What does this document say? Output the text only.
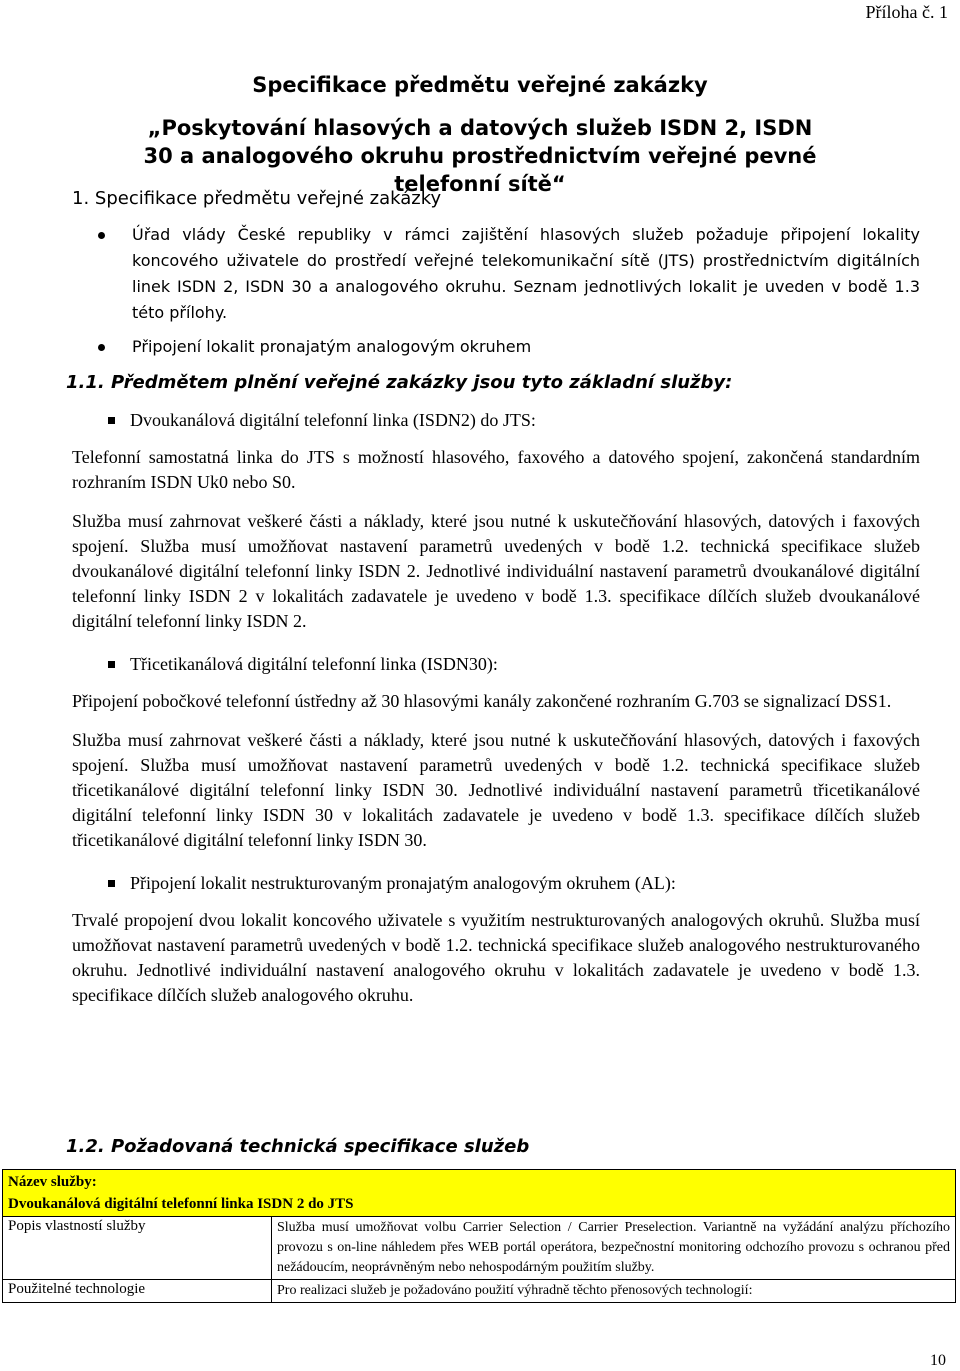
Příloha č. 1
Specifikace předmětu veřejné zakázky
„Poskytování hlasových a datových služeb ISDN 2, ISDN 30 a analogového okruhu prostřednictvím veřejné pevné telefonní sítě“
1. Specifikace předmětu veřejné zakázky
Úřad vlády České republiky v rámci zajištění hlasových služeb požaduje připojení lokality koncového uživatele do prostředí veřejné telekomunikační sítě (JTS) prostřednictvím digitálních linek ISDN 2, ISDN 30 a analogového okruhu. Seznam jednotlivých lokalit je uveden v bodě 1.3 této přílohy.
Připojení lokalit pronajatým analogovým okruhem
1.1. Předmětem plnění veřejné zakázky jsou tyto základní služby:
Dvoukanálová digitální telefonní linka (ISDN2) do JTS:

Telefonní samostatná linka do JTS s možností hlasového, faxového a datového spojení, zakončená standardním rozhraním ISDN Uk0 nebo S0.

Služba musí zahrnovat veškeré části a náklady, které jsou nutné k uskutečňování hlasových, datových i faxových spojení. Služba musí umožňovat nastavení parametrů uvedených v bodě 1.2. technická specifikace služeb dvoukanálové digitální telefonní linky ISDN 2. Jednotlivé individuální nastavení parametrů dvoukanálové digitální telefonní linky ISDN 2 v lokalitách zadavatele je uvedeno v bodě 1.3. specifikace dílčích služeb dvoukanálové digitální telefonní linky ISDN 2.

Třicetikanálová digitální telefonní linka (ISDN30):

Připojení pobočkové telefonní ústředny až 30 hlasovými kanály zakončené rozhraním G.703 se signalizací DSS1.

Služba musí zahrnovat veškeré části a náklady, které jsou nutné k uskutečňování hlasových, datových i faxových spojení. Služba musí umožňovat nastavení parametrů uvedených v bodě 1.2. technická specifikace služeb třicetikanálové digitální telefonní linky ISDN 30. Jednotlivé individuální nastavení parametrů třicetikanálové digitální telefonní linky ISDN 30 v lokalitách zadavatele je uvedeno v bodě 1.3. specifikace dílčích služeb třicetikanálové digitální telefonní linky ISDN 30.

Připojení lokalit nestrukturovaným pronajatým analogovým okruhem (AL):

Trvalé propojení dvou lokalit koncového uživatele s využitím nestrukturovaných analogových okruhů. Služba musí umožňovat nastavení parametrů uvedených v bodě 1.2. technická specifikace služeb analogového nestrukturovaného okruhu. Jednotlivé individuální nastavení analogového okruhu v lokalitách zadavatele je uvedeno v bodě 1.3. specifikace dílčích služeb analogového okruhu.

1.2. Požadovaná technická specifikace služeb
Název služby:
Dvoukanálová digitální telefonní linka ISDN 2 do JTS	

Popis vlastností služby	Služba musí umožňovat volbu Carrier Selection / Carrier Preselection. Variantně na vyžádání analýzu příchozího provozu s on-line náhledem přes WEB portál operátora, bezpečnostní monitoring odchozího provozu s ochranou před nežádoucím, neoprávněným nebo nehospodárným použitím služby.
Použitelné technologie	Pro realizaci služeb je požadováno použití výhradně těchto přenosových technologií:
10
